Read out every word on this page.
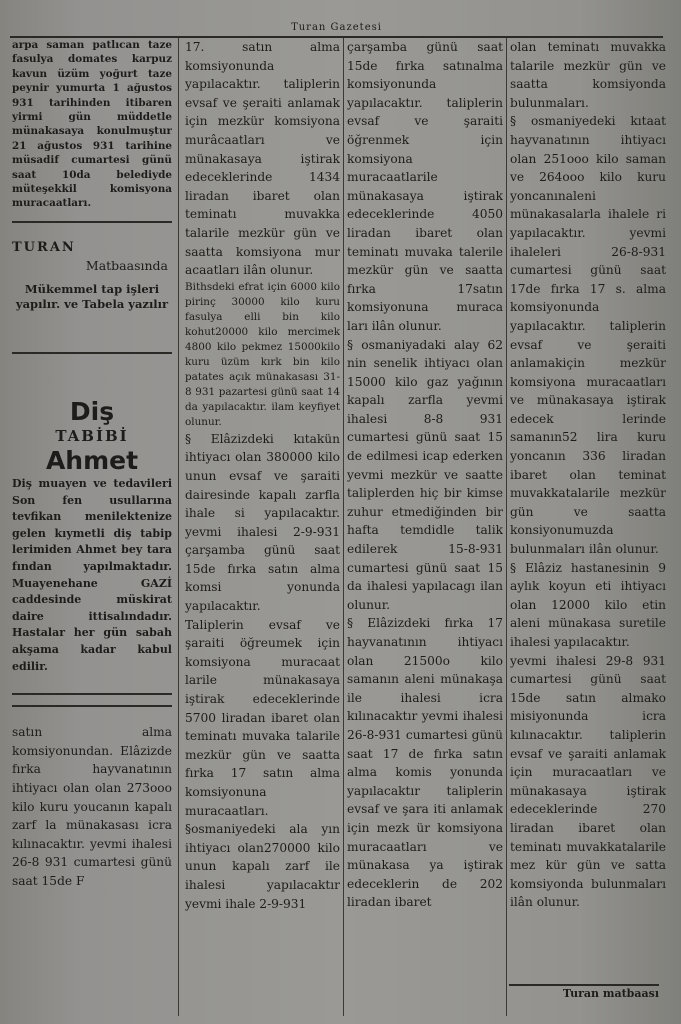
Turan Gazetesi

arpa saman patlıcan taze fasulya domates karpuz kavun üzüm yoğurt taze peynir yumurta 1 ağustos 931 tarihinden itibaren yirmi gün müddetle münakasaya konulmuştur 21 ağustos 931 tarihine müsadif cumartesi günü saat 10da belediyde müteşekkil komisyona muracaatları.

TURAN
Matbaasında

Mükemmel tap işleri yapılır. ve Tabela yazılır

Diş
TABİBİ
Ahmet

Diş muayen ve tedavileri Son fen usullarına tevfikan menilektenize gelen kıymetli diş tabip lerimiden Ahmet bey tara fından yapılmaktadır. Muayenehane GAZİ caddesinde müskirat daire ittisalındadır. Hastalar her gün sabah akşama kadar kabul edilir.

satın alma komsiyonundan. Elâzizde fırka hayvanatının ihtiyacı olan olan 273ooo kilo kuru youcanın kapalı zarf la münakasası icra kılınacaktır. yevmi ihalesi 26-8 931 cumartesi günü saat 15de F

17. satın alma komsiyonunda yapılacaktır. taliplerin evsaf ve şeraiti anlamak için mezkür komsiyona murâcaatları ve münakasaya iştirak edeceklerinde 1434 liradan ibaret olan teminatı muvakka talarile mezkür gün ve saatta komsiyona mur acaatları ilân olunur.

Bithsdeki efrat için 6000 kilo pirinç 30000 kilo kuru fasulya elli bin kilo kohut20000 kilo mercimek 4800 kilo pekmez 15000kilo kuru üzüm kırk bin kilo patates açık münakasası 31-8 931 pazartesi günü saat 14 da yapılacaktır. ilam keyfiyet olunur.

§ Elâzizdeki kıtakün ihtiyacı olan 380000 kilo unun evsaf ve şaraiti dairesinde kapalı zarfla ihale si yapılacaktır. yevmi ihalesi 2-9-931 çarşamba günü saat 15de fırka satın alma komsi yonunda yapılacaktır.

Taliplerin evsaf ve şaraiti öğreumek için komsiyona muracaat larile münakasaya iştirak edeceklerinde 5700 liradan ibaret olan teminatı muvaka talarile mezkür gün ve saatta fırka 17 satın alma komsiyonuna muracaatları.

§osmaniyedeki ala yın ihtiyacı olan270000 kilo unun kapalı zarf ile ihalesi yapılacaktır yevmi ihale 2-9-931

çarşamba günü saat 15de fırka satınalma komsiyonunda yapılacaktır. taliplerin evsaf ve şaraiti öğrenmek için komsiyona muracaatlarile münakasaya iştirak edeceklerinde 4050 liradan ibaret olan teminatı muvaka talerile mezkür gün ve saatta fırka 17satın komsiyonuna muraca ları ilân olunur.

§ osmaniyadaki alay 62 nin senelik ihtiyacı olan 15000 kilo gaz yağının kapalı zarfla yevmi ihalesi 8-8 931 cumartesi günü saat 15 de edilmesi icap ederken yevmi mezkür ve saatte taliplerden hiç bir kimse zuhur etmediğinden bir hafta temdidle talik edilerek 15-8-931 cumartesi günü saat 15 da ihalesi yapılacagı ilan olunur.

§ Elâzizdeki fırka 17 hayvanatının ihtiyacı olan 21500o kilo samanın aleni münakaşa ile ihalesi icra kılınacaktır yevmi ihalesi 26-8-931 cumartesi günü saat 17 de fırka satın alma komis yonunda yapılacaktır taliplerin evsaf ve şara iti anlamak için mezk ür komsiyona muracaatları ve münakasa ya iştirak edeceklerin de 202 liradan ibaret

olan teminatı muvakka talarile mezkür gün ve saatta komsiyonda bulunmaları.

§ osmaniyedeki kıtaat hayvanatının ihtiyacı olan 251ooo kilo saman ve 264ooo kilo kuru yoncanınaleni münakasalarla ihalele ri yapılacaktır. yevmi ihaleleri 26-8-931 cumartesi günü saat 17de fırka 17 s. alma komsiyonunda yapılacaktır. taliplerin evsaf ve şeraiti anlamakiçin mezkür komsiyona muracaatları ve münakasaya iştirak edecek lerinde samanın52 lira kuru yoncanın 336 liradan ibaret olan teminat muvakkatalarile mezkür gün ve saatta konsiyonumuzda bulunmaları ilân olunur.

§ Elâziz hastanesinin 9 aylık koyun eti ihtiyacı olan 12000 kilo etin aleni münakasa suretile ihalesi yapılacaktır.

yevmi ihalesi 29-8 931 cumartesi günü saat 15de satın almako misiyonunda icra kılınacaktır. taliplerin evsaf ve şaraiti anlamak için muracaatları ve münakasaya iştirak edeceklerinde 270 liradan ibaret olan teminatı muvakkatalarile mez kür gün ve satta komsiyonda bulunmaları ilân olunur.

Turan matbaası
